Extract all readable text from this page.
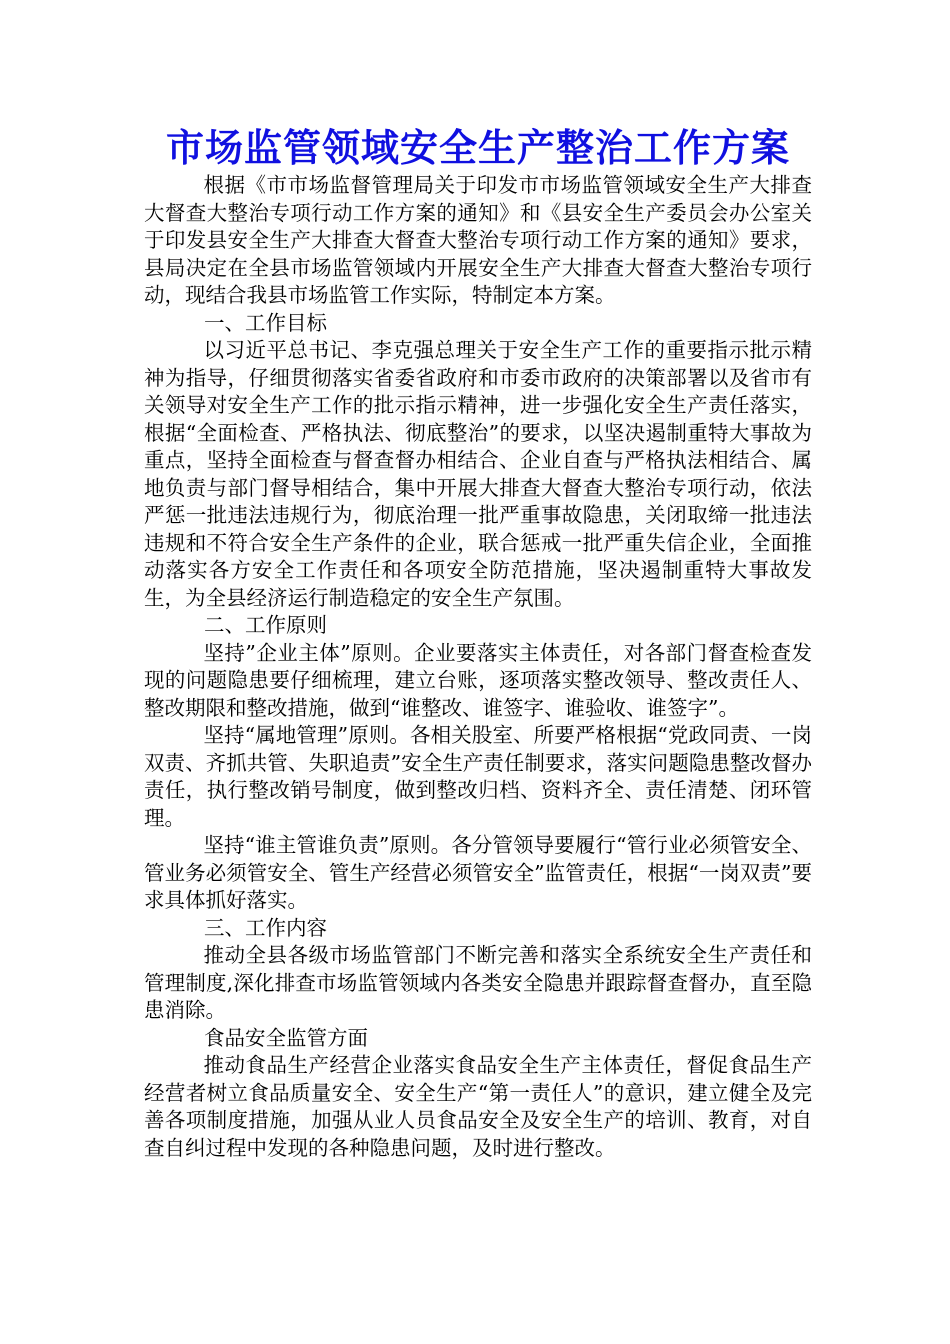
市场监管领域安全生产整治工作方案

根据《市市场监督管理局关于印发市市场监管领域安全生产大排查大督查大整治专项行动工作方案的通知》和《县安全生产委员会办公室关于印发县安全生产大排查大督查大整治专项行动工作方案的通知》要求，县局决定在全县市场监管领域内开展安全生产大排查大督查大整治专项行动，现结合我县市场监管工作实际，特制定本方案。

一、工作目标

以习近平总书记、李克强总理关于安全生产工作的重要指示批示精神为指导，仔细贯彻落实省委省政府和市委市政府的决策部署以及省市有关领导对安全生产工作的批示指示精神，进一步强化安全生产责任落实，根据“全面检查、严格执法、彻底整治”的要求，以坚决遏制重特大事故为重点，坚持全面检查与督查督办相结合、企业自查与严格执法相结合、属地负责与部门督导相结合，集中开展大排查大督查大整治专项行动，依法严惩一批违法违规行为，彻底治理一批严重事故隐患，关闭取缔一批违法违规和不符合安全生产条件的企业，联合惩戒一批严重失信企业，全面推动落实各方安全工作责任和各项安全防范措施，坚决遏制重特大事故发生，为全县经济运行制造稳定的安全生产氛围。

二、工作原则

坚持”企业主体”原则。企业要落实主体责任，对各部门督查检查发现的问题隐患要仔细梳理，建立台账，逐项落实整改领导、整改责任人、整改期限和整改措施，做到“谁整改、谁签字、谁验收、谁签字”。

坚持“属地管理”原则。各相关股室、所要严格根据“党政同责、一岗双责、齐抓共管、失职追责”安全生产责任制要求，落实问题隐患整改督办责任，执行整改销号制度，做到整改归档、资料齐全、责任清楚、闭环管理。

坚持“谁主管谁负责”原则。各分管领导要履行“管行业必须管安全、管业务必须管安全、管生产经营必须管安全”监管责任，根据“一岗双责”要求具体抓好落实。

三、工作内容

推动全县各级市场监管部门不断完善和落实全系统安全生产责任和管理制度,深化排查市场监管领域内各类安全隐患并跟踪督查督办，直至隐患消除。

食品安全监管方面

推动食品生产经营企业落实食品安全生产主体责任，督促食品生产经营者树立食品质量安全、安全生产“第一责任人”的意识，建立健全及完善各项制度措施，加强从业人员食品安全及安全生产的培训、教育，对自查自纠过程中发现的各种隐患问题，及时进行整改。
